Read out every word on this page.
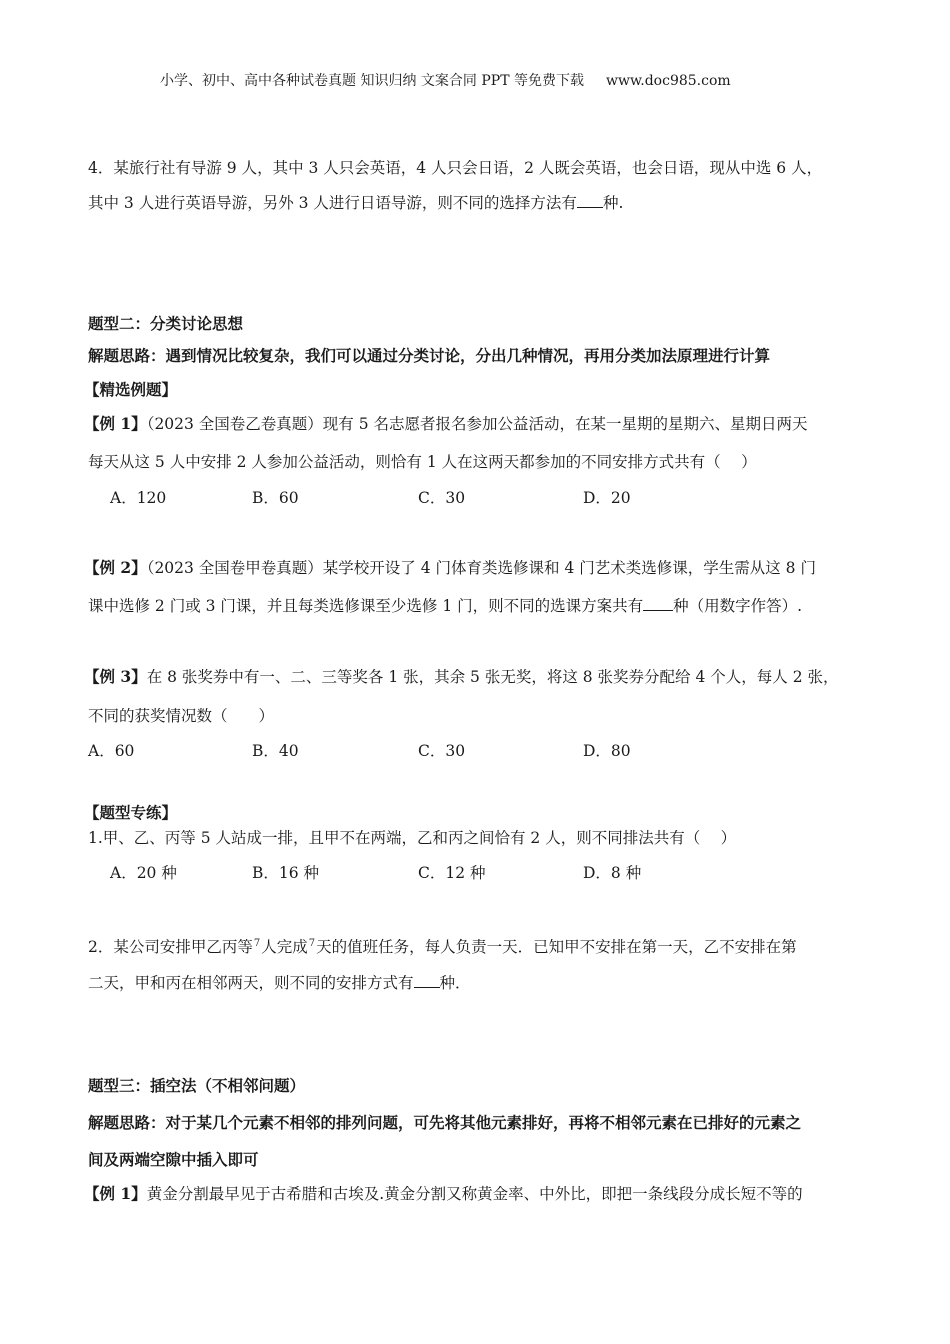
小学、初中、高中各种试卷真题 知识归纳 文案合同 PPT 等免费下载 www.doc985.com
4．某旅行社有导游 9 人，其中 3 人只会英语，4 人只会日语，2 人既会英语，也会日语，现从中选 6 人，
其中 3 人进行英语导游，另外 3 人进行日语导游，则不同的选择方法有 种.
题型二：分类讨论思想
解题思路：遇到情况比较复杂，我们可以通过分类讨论，分出几种情况，再用分类加法原理进行计算
【精选例题】
【例 1】（2023 全国卷乙卷真题）现有 5 名志愿者报名参加公益活动，在某一星期的星期六、星期日两天
每天从这 5 人中安排 2 人参加公益活动，则恰有 1 人在这两天都参加的不同安排方式共有（　 ）
A．120	B．60	C．30	D．20
【例 2】（2023 全国卷甲卷真题）某学校开设了 4 门体育类选修课和 4 门艺术类选修课，学生需从这 8 门
课中选修 2 门或 3 门课，并且每类选修课至少选修 1 门，则不同的选课方案共有 种（用数字作答）.
【例 3】在 8 张奖券中有一、二、三等奖各 1 张，其余 5 张无奖，将这 8 张奖券分配给 4 个人，每人 2 张，
不同的获奖情况数（　　）
A．60	B．40	C．30	D．80
【题型专练】
1.甲、乙、丙等 5 人站成一排，且甲不在两端，乙和丙之间恰有 2 人，则不同排法共有（　 ）
A．20 种	B．16 种	C．12 种	D．8 种
2．某公司安排甲乙丙等$^7$人完成$^7$天的值班任务，每人负责一天．已知甲不安排在第一天，乙不安排在第
二天，甲和丙在相邻两天，则不同的安排方式有 种．
题型三：插空法（不相邻问题）
解题思路：对于某几个元素不相邻的排列问题，可先将其他元素排好，再将不相邻元素在已排好的元素之
间及两端空隙中插入即可
【例 1】黄金分割最早见于古希腊和古埃及.黄金分割又称黄金率、中外比，即把一条线段分成长短不等的
